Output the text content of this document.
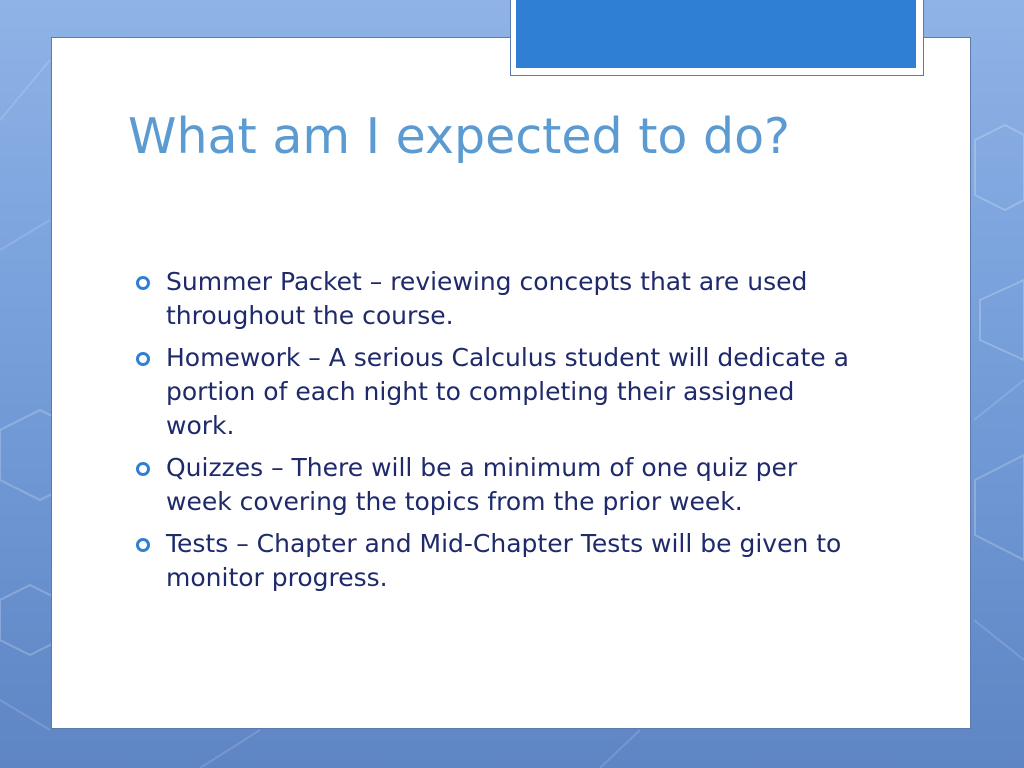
What am I expected to do?
Summer Packet – reviewing concepts that are used throughout the course.
Homework – A serious Calculus student will dedicate a portion of each night to completing their assigned work.
Quizzes – There will be a minimum of one quiz per week covering the topics from the prior week.
Tests – Chapter and Mid-Chapter Tests will be given to monitor progress.
